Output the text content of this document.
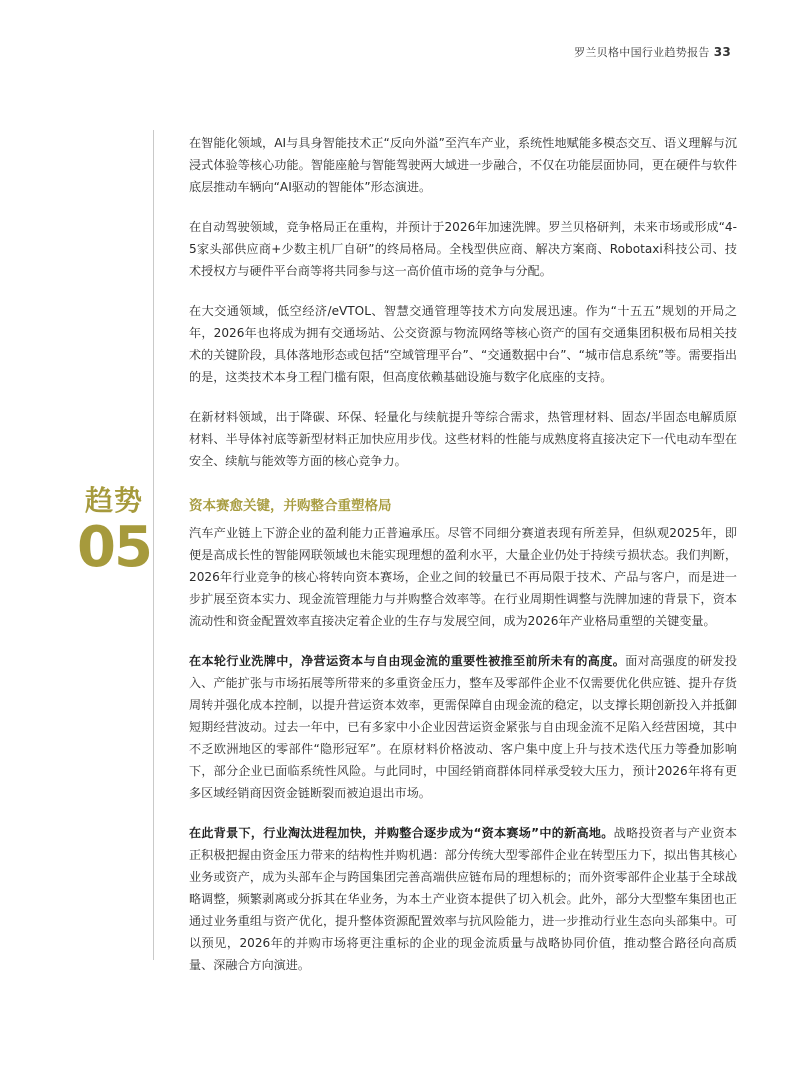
罗兰贝格中国行业趋势报告 33
趋势
05

在智能化领域，AI与具身智能技术正“反向外溢”至汽车产业，系统性地赋能多模态交互、语义理解与沉浸式体验等核心功能。智能座舱与智能驾驶两大域进一步融合，不仅在功能层面协同，更在硬件与软件底层推动车辆向“AI驱动的智能体”形态演进。

在自动驾驶领域，竞争格局正在重构，并预计于2026年加速洗牌。罗兰贝格研判，未来市场或形成“4-5家头部供应商+少数主机厂自研”的终局格局。全栈型供应商、解决方案商、Robotaxi科技公司、技术授权方与硬件平台商等将共同参与这一高价值市场的竞争与分配。

在大交通领域，低空经济/eVTOL、智慧交通管理等技术方向发展迅速。作为“十五五”规划的开局之年，2026年也将成为拥有交通场站、公交资源与物流网络等核心资产的国有交通集团积极布局相关技术的关键阶段，具体落地形态或包括“空域管理平台”、“交通数据中台”、“城市信息系统”等。需要指出的是，这类技术本身工程门槛有限，但高度依赖基础设施与数字化底座的支持。

在新材料领域，出于降碳、环保、轻量化与续航提升等综合需求，热管理材料、固态/半固态电解质原材料、半导体衬底等新型材料正加快应用步伐。这些材料的性能与成熟度将直接决定下一代电动车型在安全、续航与能效等方面的核心竞争力。

资本赛愈关键，并购整合重塑格局

汽车产业链上下游企业的盈利能力正普遍承压。尽管不同细分赛道表现有所差异，但纵观2025年，即便是高成长性的智能网联领域也未能实现理想的盈利水平，大量企业仍处于持续亏损状态。我们判断，2026年行业竞争的核心将转向资本赛场，企业之间的较量已不再局限于技术、产品与客户，而是进一步扩展至资本实力、现金流管理能力与并购整合效率等。在行业周期性调整与洗牌加速的背景下，资本流动性和资金配置效率直接决定着企业的生存与发展空间，成为2026年产业格局重塑的关键变量。

在本轮行业洗牌中，净营运资本与自由现金流的重要性被推至前所未有的高度。面对高强度的研发投入、产能扩张与市场拓展等所带来的多重资金压力，整车及零部件企业不仅需要优化供应链、提升存货周转并强化成本控制，以提升营运资本效率，更需保障自由现金流的稳定，以支撑长期创新投入并抵御短期经营波动。过去一年中，已有多家中小企业因营运资金紧张与自由现金流不足陷入经营困境，其中不乏欧洲地区的零部件“隐形冠军”。在原材料价格波动、客户集中度上升与技术迭代压力等叠加影响下，部分企业已面临系统性风险。与此同时，中国经销商群体同样承受较大压力，预计2026年将有更多区域经销商因资金链断裂而被迫退出市场。

在此背景下，行业淘汰进程加快，并购整合逐步成为“资本赛场”中的新高地。战略投资者与产业资本正积极把握由资金压力带来的结构性并购机遇：部分传统大型零部件企业在转型压力下，拟出售其核心业务或资产，成为头部车企与跨国集团完善高端供应链布局的理想标的；而外资零部件企业基于全球战略调整，频繁剥离或分拆其在华业务，为本土产业资本提供了切入机会。此外，部分大型整车集团也正通过业务重组与资产优化，提升整体资源配置效率与抗风险能力，进一步推动行业生态向头部集中。可以预见，2026年的并购市场将更注重标的企业的现金流质量与战略协同价值，推动整合路径向高质量、深融合方向演进。
